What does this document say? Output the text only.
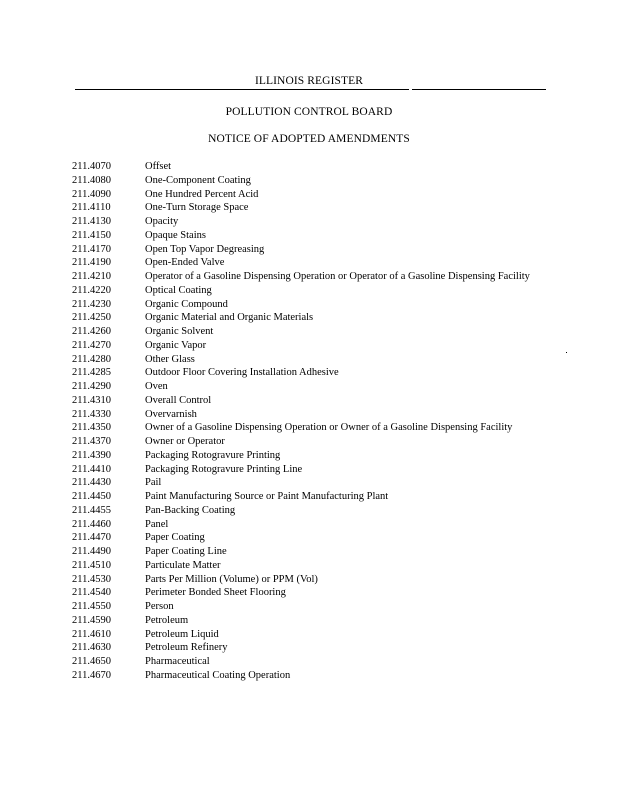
ILLINOIS REGISTER
POLLUTION CONTROL BOARD
NOTICE OF ADOPTED AMENDMENTS
211.4070	Offset
211.4080	One-Component Coating
211.4090	One Hundred Percent Acid
211.4110	One-Turn Storage Space
211.4130	Opacity
211.4150	Opaque Stains
211.4170	Open Top Vapor Degreasing
211.4190	Open-Ended Valve
211.4210	Operator of a Gasoline Dispensing Operation or Operator of a Gasoline Dispensing Facility
211.4220	Optical Coating
211.4230	Organic Compound
211.4250	Organic Material and Organic Materials
211.4260	Organic Solvent
211.4270	Organic Vapor
211.4280	Other Glass
211.4285	Outdoor Floor Covering Installation Adhesive
211.4290	Oven
211.4310	Overall Control
211.4330	Overvarnish
211.4350	Owner of a Gasoline Dispensing Operation or Owner of a Gasoline Dispensing Facility
211.4370	Owner or Operator
211.4390	Packaging Rotogravure Printing
211.4410	Packaging Rotogravure Printing Line
211.4430	Pail
211.4450	Paint Manufacturing Source or Paint Manufacturing Plant
211.4455	Pan-Backing Coating
211.4460	Panel
211.4470	Paper Coating
211.4490	Paper Coating Line
211.4510	Particulate Matter
211.4530	Parts Per Million (Volume) or PPM (Vol)
211.4540	Perimeter Bonded Sheet Flooring
211.4550	Person
211.4590	Petroleum
211.4610	Petroleum Liquid
211.4630	Petroleum Refinery
211.4650	Pharmaceutical
211.4670	Pharmaceutical Coating Operation
